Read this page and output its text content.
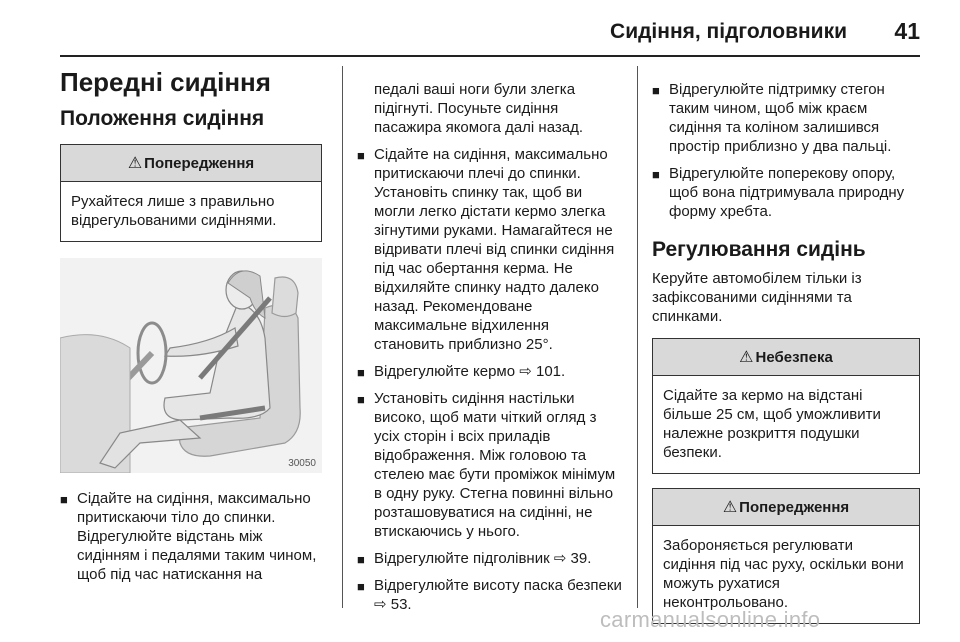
Сидіння, підголовники 41
Передні сидіння
Положення сидіння
⚠ Попередження
Рухайтеся лише з правильно відрегульованими сидіннями.
30050
■ Сідайте на сидіння, максимально притискаючи тіло до спинки. Відрегулюйте відстань між сидінням і педалями таким чином, щоб під час натискання на

педалі ваші ноги були злегка підігнуті. Посуньте сидіння пасажира якомога далі назад.

■ Сідайте на сидіння, максимально притискаючи плечі до спинки. Установіть спинку так, щоб ви могли легко дістати кермо злегка зігнутими руками. Намагайтеся не відривати плечі від спинки сидіння під час обертання керма. Не відхиляйте спинку надто далеко назад. Рекомендоване максимальне відхилення становить приблизно 25°.
■ Відрегулюйте кермо ⇨ 101.
■ Установіть сидіння настільки високо, щоб мати чіткий огляд з усіх сторін і всіх приладів відображення. Між головою та стелею має бути проміжок мінімум в одну руку. Стегна повинні вільно розташовуватися на сидінні, не втискаючись у нього.
■ Відрегулюйте підголівник ⇨ 39.
■ Відрегулюйте висоту паска безпеки ⇨ 53.
■ Відрегулюйте підтримку стегон таким чином, щоб між краєм сидіння та коліном залишився простір приблизно у два пальці.
■ Відрегулюйте поперекову опору, щоб вона підтримувала природну форму хребта.
Регулювання сидінь

Керуйте автомобілем тільки із зафіксованими сидіннями та спинками.

⚠ Небезпека
Сідайте за кермо на відстані більше 25 см, щоб уможливити належне розкриття подушки безпеки.
⚠ Попередження
Забороняється регулювати сидіння під час руху, оскільки вони можуть рухатися неконтрольовано.
carmanualsonline.info
